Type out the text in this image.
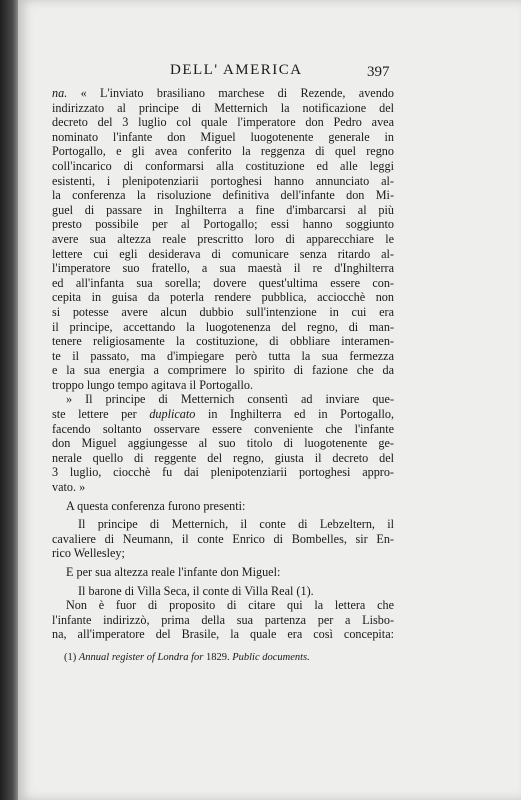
DELL' AMERICA	397
na. « L'inviato brasiliano marchese di Rezende, avendo
indirizzato al principe di Metternich la notificazione del
decreto del 3 luglio col quale l'imperatore don Pedro avea
nominato l'infante don Miguel luogotenente generale in
Portogallo, e gli avea conferito la reggenza di quel regno
coll'incarico di conformarsi alla costituzione ed alle leggi
esistenti, i plenipotenziarii portoghesi hanno annunciato al-
la conferenza la risoluzione definitiva dell'infante don Mi-
guel di passare in Inghilterra a fine d'imbarcarsi al più
presto possibile per al Portogallo; essi hanno soggiunto
avere sua altezza reale prescritto loro di apparecchiare le
lettere cui egli desiderava di comunicare senza ritardo al-
l'imperatore suo fratello, a sua maestà il re d'Inghilterra
ed all'infanta sua sorella; dovere quest'ultima essere con-
cepita in guisa da poterla rendere pubblica, acciocchè non
si potesse avere alcun dubbio sull'intenzione in cui era
il principe, accettando la luogotenenza del regno, di man-
tenere religiosamente la costituzione, di obbliare interamen-
te il passato, ma d'impiegare però tutta la sua fermezza
e la sua energia a comprimere lo spirito di fazione che da
troppo lungo tempo agitava il Portogallo.
» Il principe di Metternich consentì ad inviare que-
ste lettere per duplicato in Inghilterra ed in Portogallo,
facendo soltanto osservare essere conveniente che l'infante
don Miguel aggiungesse al suo titolo di luogotenente ge-
nerale quello di reggente del regno, giusta il decreto del
3 luglio, ciocchè fu dai plenipotenziarii portoghesi appro-
vato. »
A questa conferenza furono presenti:
Il principe di Metternich, il conte di Lebzeltern, il
cavaliere di Neumann, il conte Enrico di Bombelles, sir En-
rico Wellesley;
E per sua altezza reale l'infante don Miguel:
Il barone di Villa Seca, il conte di Villa Real (1).
Non è fuor di proposito di citare qui la lettera che
l'infante indirizzò, prima della sua partenza per a Lisbo-
na, all'imperatore del Brasile, la quale era così concepita:
(1) Annual register of Londra for 1829. Public documents.
